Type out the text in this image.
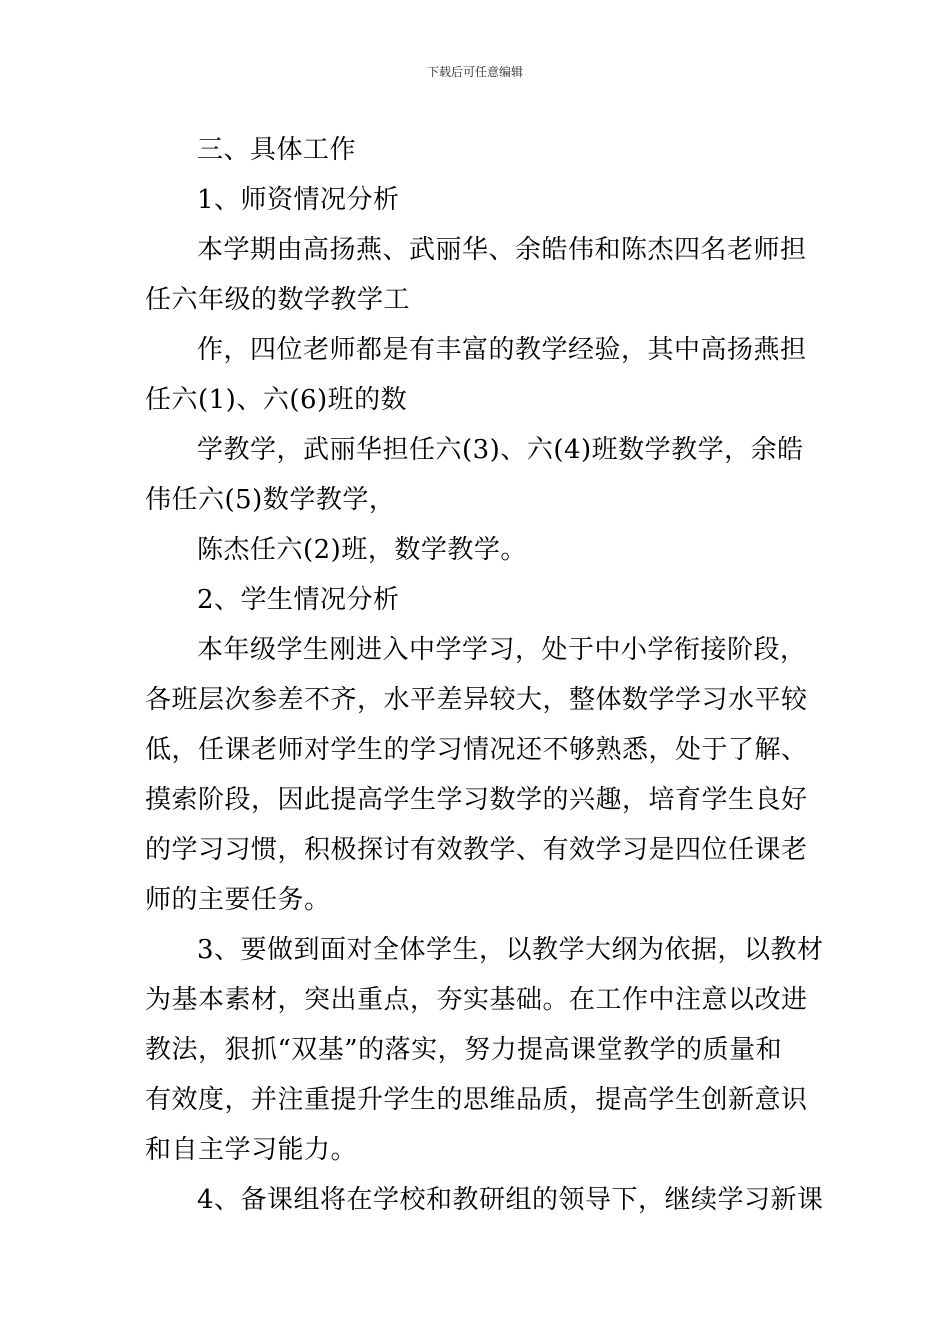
下载后可任意编辑
三、具体工作
1、师资情况分析
本学期由高扬燕、武丽华、余皓伟和陈杰四名老师担
任六年级的数学教学工
作，四位老师都是有丰富的教学经验，其中高扬燕担
任六(1)、六(6)班的数
学教学，武丽华担任六(3)、六(4)班数学教学，余皓
伟任六(5)数学教学，
陈杰任六(2)班，数学教学。
2、学生情况分析
本年级学生刚进入中学学习，处于中小学衔接阶段，
各班层次参差不齐，水平差异较大，整体数学学习水平较
低，任课老师对学生的学习情况还不够熟悉，处于了解、
摸索阶段，因此提高学生学习数学的兴趣，培育学生良好
的学习习惯，积极探讨有效教学、有效学习是四位任课老
师的主要任务。
3、要做到面对全体学生，以教学大纲为依据，以教材
为基本素材，突出重点，夯实基础。在工作中注意以改进
教法，狠抓“双基”的落实，努力提高课堂教学的质量和
有效度，并注重提升学生的思维品质，提高学生创新意识
和自主学习能力。
4、备课组将在学校和教研组的领导下，继续学习新课
